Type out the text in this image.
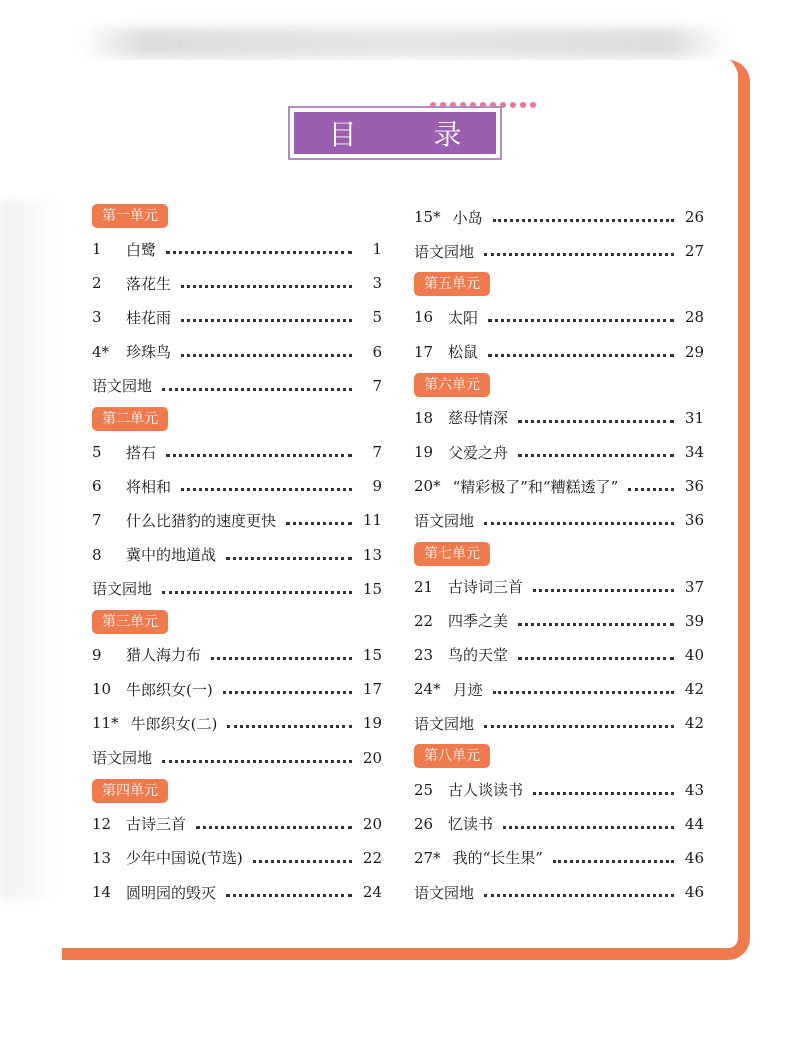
目 录
第一单元
1	白鹭	1
2	落花生	3
3	桂花雨	5
4*	珍珠鸟	6
语文园地	7
第二单元
5	搭石	7
6	将相和	9
7	什么比猎豹的速度更快	11
8	冀中的地道战	13
语文园地	15
第三单元
9	猎人海力布	15
10 牛郎织女(一)	17
11* 牛郎织女(二)	19
语文园地	20
第四单元
12 古诗三首	20
13 少年中国说(节选)	22
14 圆明园的毁灭	24
15* 小岛	26
语文园地	27
第五单元
16 太阳	28
17 松鼠	29
第六单元
18 慈母情深	31
19 父爱之舟	34
20* “精彩极了”和“糟糕透了”	36
语文园地	36
第七单元
21 古诗词三首	37
22 四季之美	39
23 鸟的天堂	40
24* 月迹	42
语文园地	42
第八单元
25 古人谈读书	43
26 忆读书	44
27* 我的“长生果”	46
语文园地	46
